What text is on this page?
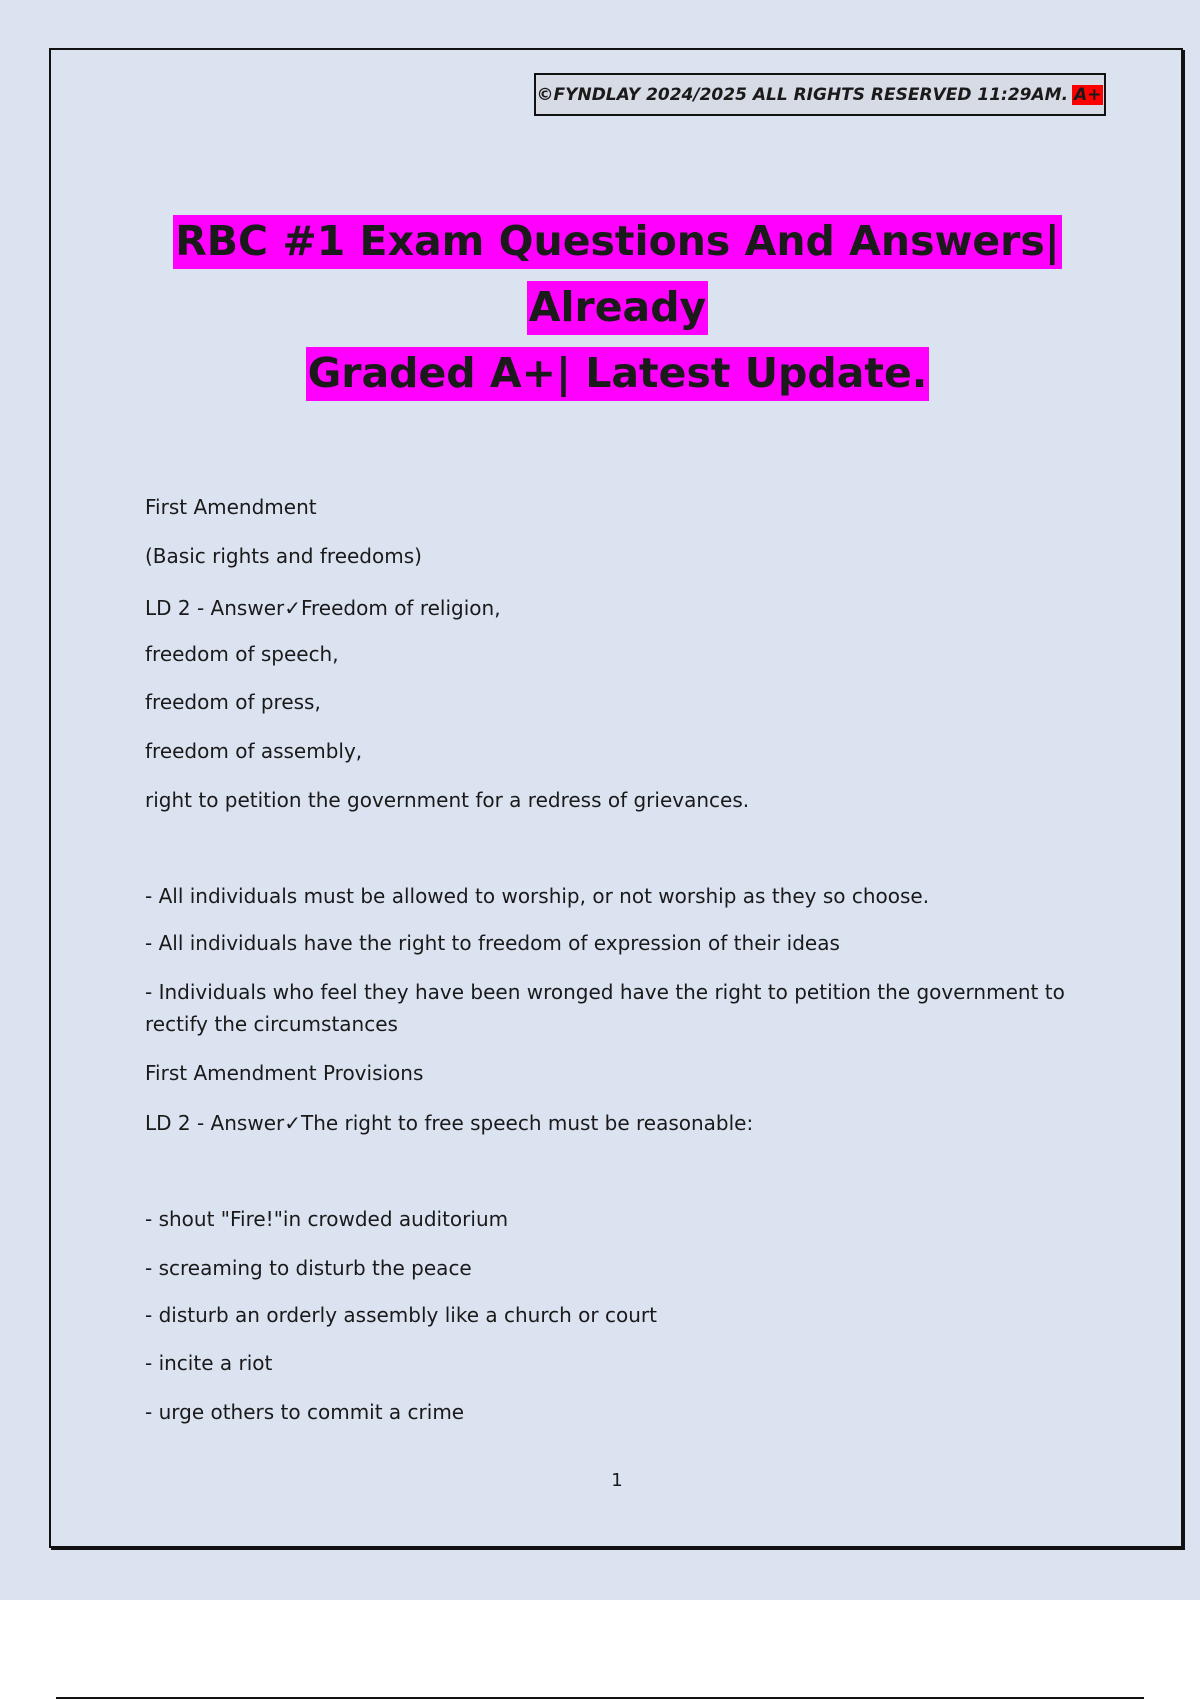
©FYNDLAY 2024/2025 ALL RIGHTS RESERVED 11:29AM. A+
RBC #1 Exam Questions And Answers| Already
Graded A+| Latest Update.
First Amendment
(Basic rights and freedoms)
LD 2 - Answer✓Freedom of religion,
freedom of speech,
freedom of press,
freedom of assembly,
right to petition the government for a redress of grievances.
- All individuals must be allowed to worship, or not worship as they so choose.
- All individuals have the right to freedom of expression of their ideas
- Individuals who feel they have been wronged have the right to petition the government to rectify the circumstances
First Amendment Provisions
LD 2 - Answer✓The right to free speech must be reasonable:
- shout "Fire!"in crowded auditorium
- screaming to disturb the peace
- disturb an orderly assembly like a church or court
- incite a riot
- urge others to commit a crime
1
